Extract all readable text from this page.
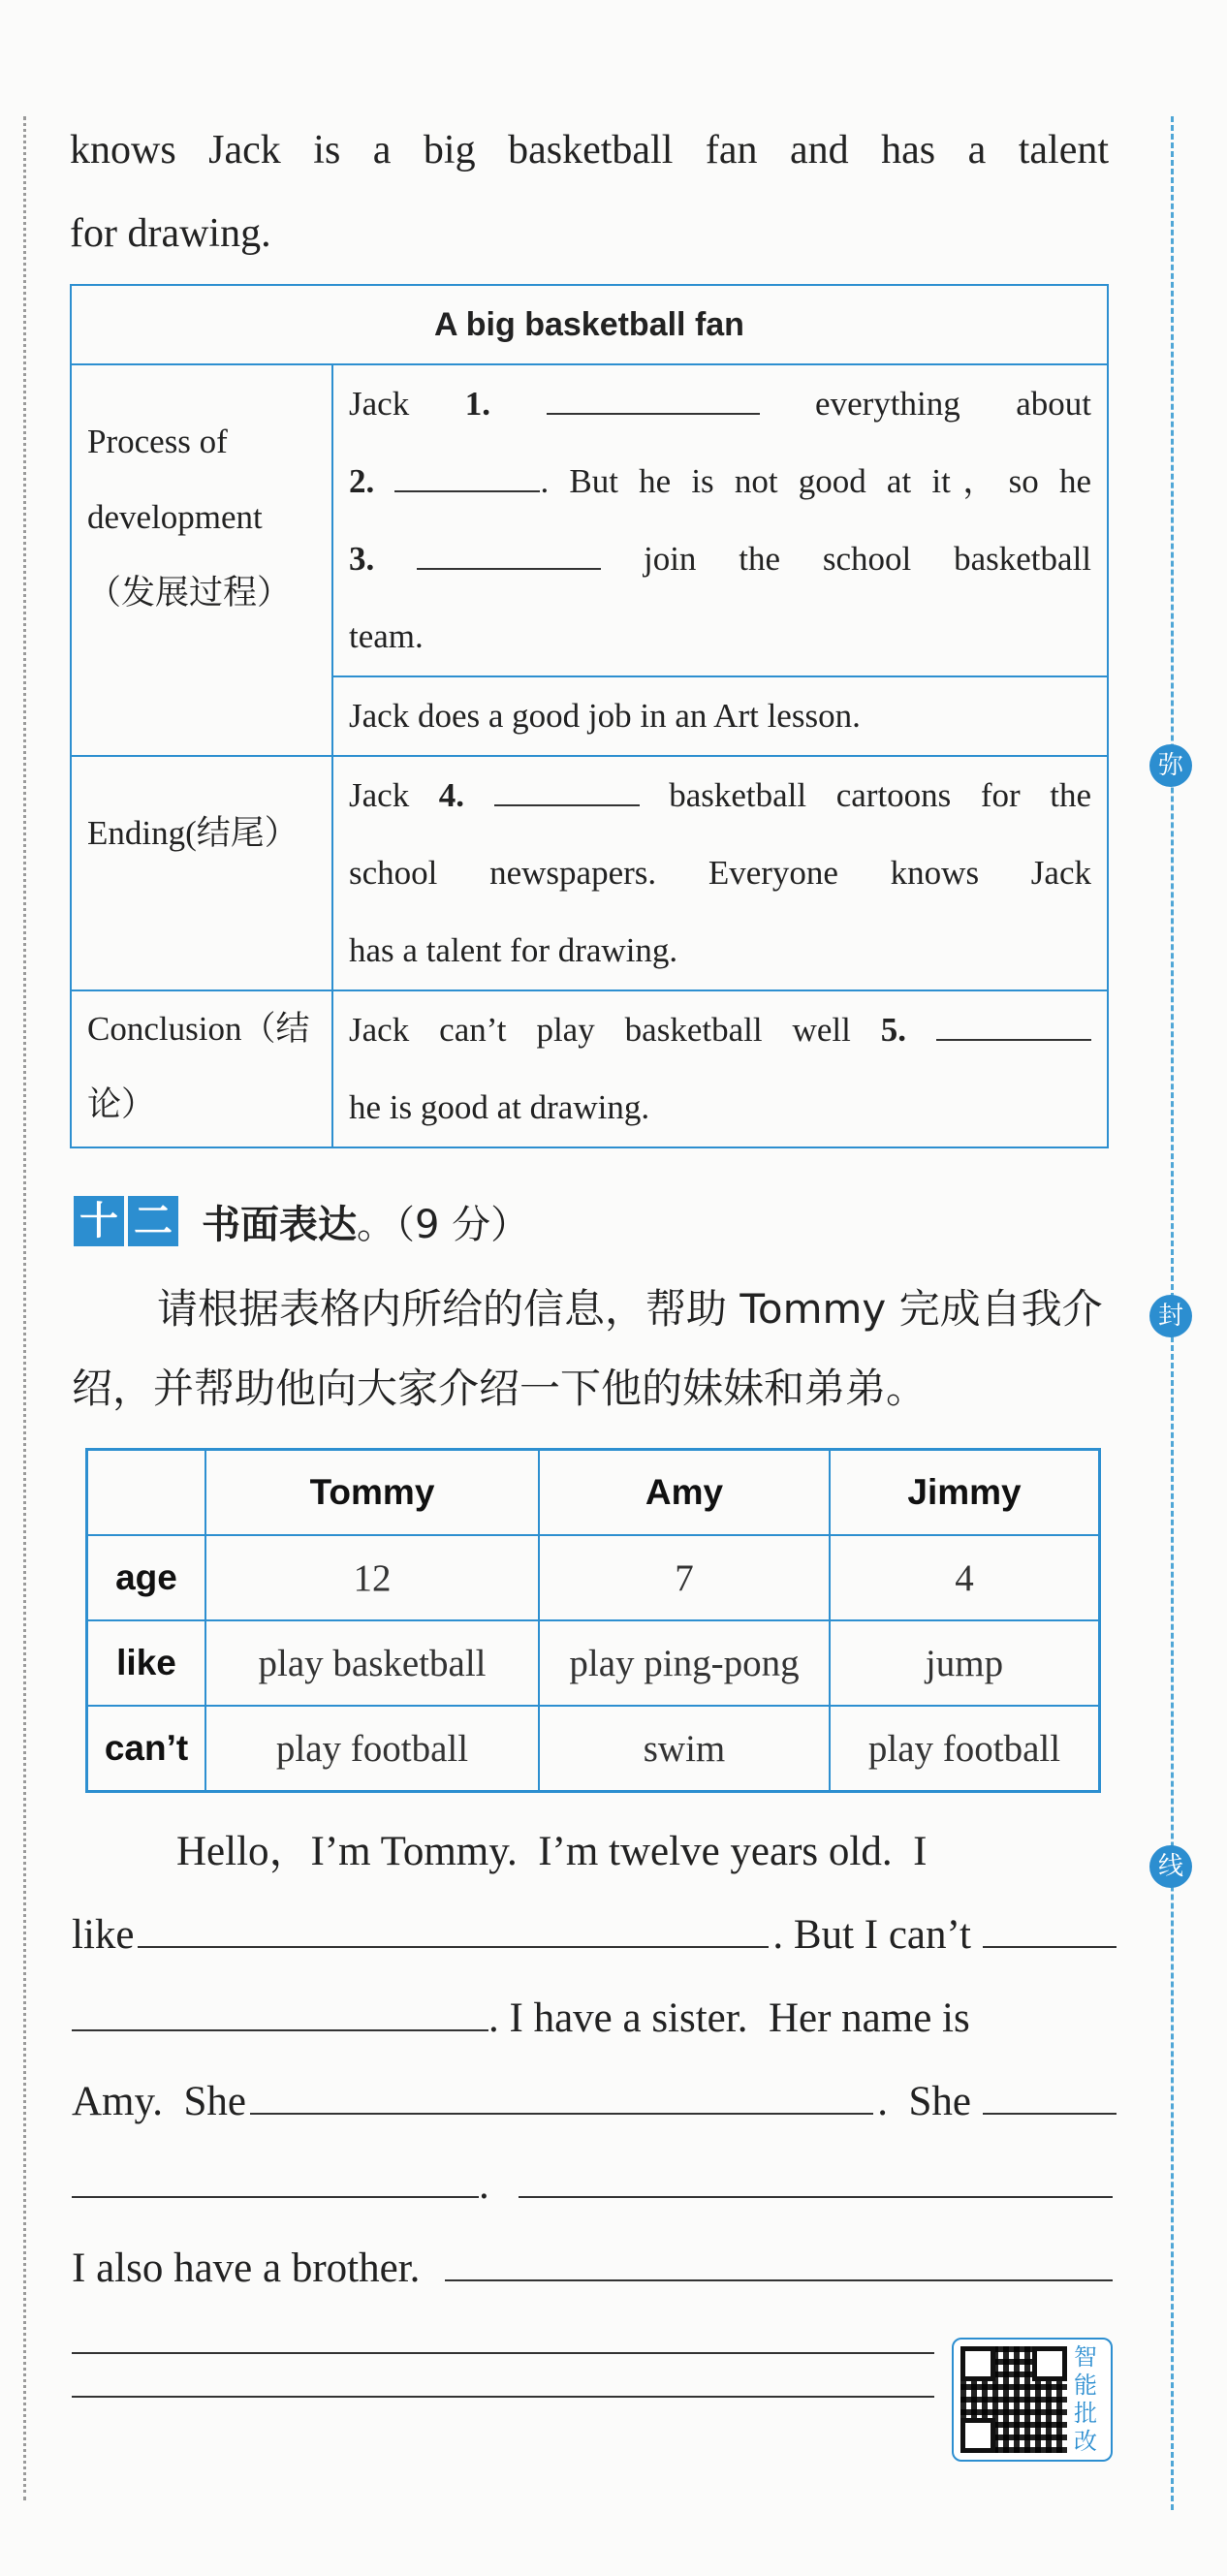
弥
封
线

knows Jack is a big basketball fan and has a talent

for drawing.

A big basketball fan	
Process of development（发展过程）	Jack 1. everything about
2. . But he is not good at it，so he
3. join the school basketball
team.

	Jack does a good job in an Art lesson.
Ending(结尾）	Jack 4. basketball cartoons for the
school newspapers. Everyone knows Jack
has a talent for drawing.

Conclusion（结论）	Jack can’t play basketball well 5.
he is good at drawing.
十 二 书面表达 。（9 分）

请根据表格内所给的信息，帮助 Tommy 完成自我介绍，并帮助他向大家介绍一下他的妹妹和弟弟。

	Tommy	Amy	Jimmy
age	12	7	4
like	play basketball	play ping-pong	jump
can’t	play football	swim	play football
Hello，I’m Tommy.  I’m twelve years old.  I
like	. But I can’t
. I have a sister.  Her name is
Amy.  She	.  She
.
I also have a brother.
智能批改
